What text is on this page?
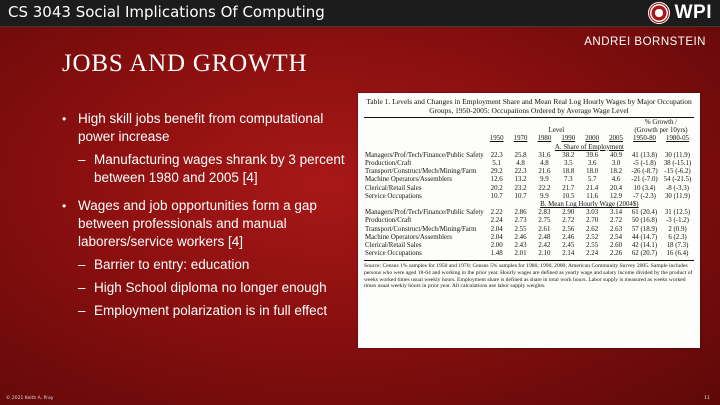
CS 3043 Social Implications Of Computing	WPI
ANDREI BORNSTEIN
JOBS AND GROWTH
• High skill jobs benefit from computational power increase
– Manufacturing wages shrank by 3 percent between 1980 and 2005 [4]
• Wages and job opportunities form a gap between professionals and manual laborers/service workers [4]
– Barrier to entry: education
– High School diploma no longer enough
– Employment polarization is in full effect
Table 1. Levels and Changes in Employment Share and Mean Real Log Hourly Wages by Major Occupation Groups, 1950-2005: Occupations Ordered by Average Wage Level
							% Growth /	
	Level						(Growth per 10yrs)	
	1950	1970	1980	1990	2000	2005	1950-80	1980-05
	A. Share of Employment							
Managers/Prof/Tech/Finance/Public Safety	22.3	25.8	31.6	38.2	39.6	40.9	41 (13.8)	30 (11.9)
Production/Craft	5.1	4.8	4.8	3.5	3.6	3.0	-5 (-1.8)	38 (-15.1)
Transport/Construct/Mech/Mining/Farm	29.2	22.3	21.6	18.8	18.0	18.2	-26 (-8.7)	-15 (-6.2)
Machine Operators/Assemblers	12.6	13.2	9.9	7.3	5.7	4.6	-21 (-7.0)	54 (-21.5)
Clerical/Retail Sales	20.2	23.2	22.2	21.7	21.4	20.4	10 (3.4)	-8 (-3.3)
Service Occupations	10.7	10.7	9.9	10.5	11.6	12.9	-7 (-2.3)	30 (11.9)
	B. Mean Log Hourly Wage (2004$)							
Managers/Prof/Tech/Finance/Public Safety	2.22	2.86	2.83	2.90	3.03	3.14	61 (20.4)	31 (12.5)
Production/Craft	2.24	2.73	2.75	2.72	2.70	2.72	50 (16.8)	-3 (-1.2)
Transport/Construct/Mech/Mining/Farm	2.04	2.55	2.61	2.56	2.62	2.63	57 (18.9)	2 (0.9)
Machine Operators/Assemblers	2.04	2.46	2.48	2.46	2.52	2.54	44 (14.7)	6 (2.3)
Clerical/Retail Sales	2.00	2.43	2.42	2.45	2.55	2.60	42 (14.1)	18 (7.3)
Service Occupations	1.48	2.01	2.10	2.14	2.24	2.26	62 (20.7)	16 (6.4)
Source: Census 1% samples for 1950 and 1970; Census 5% samples for 1980, 1990, 2000; American Community Survey 2005. Sample includes persons who were aged 18-64 and working in the prior year. Hourly wages are defined as yearly wage and salary income divided by the product of weeks worked times usual weekly hours. Employment share is defined as share in total work hours. Labor supply is measured as weeks worked times usual weekly hours in prior year. All calculations use labor supply weights.
© 2021 Keith A. Pray	11
